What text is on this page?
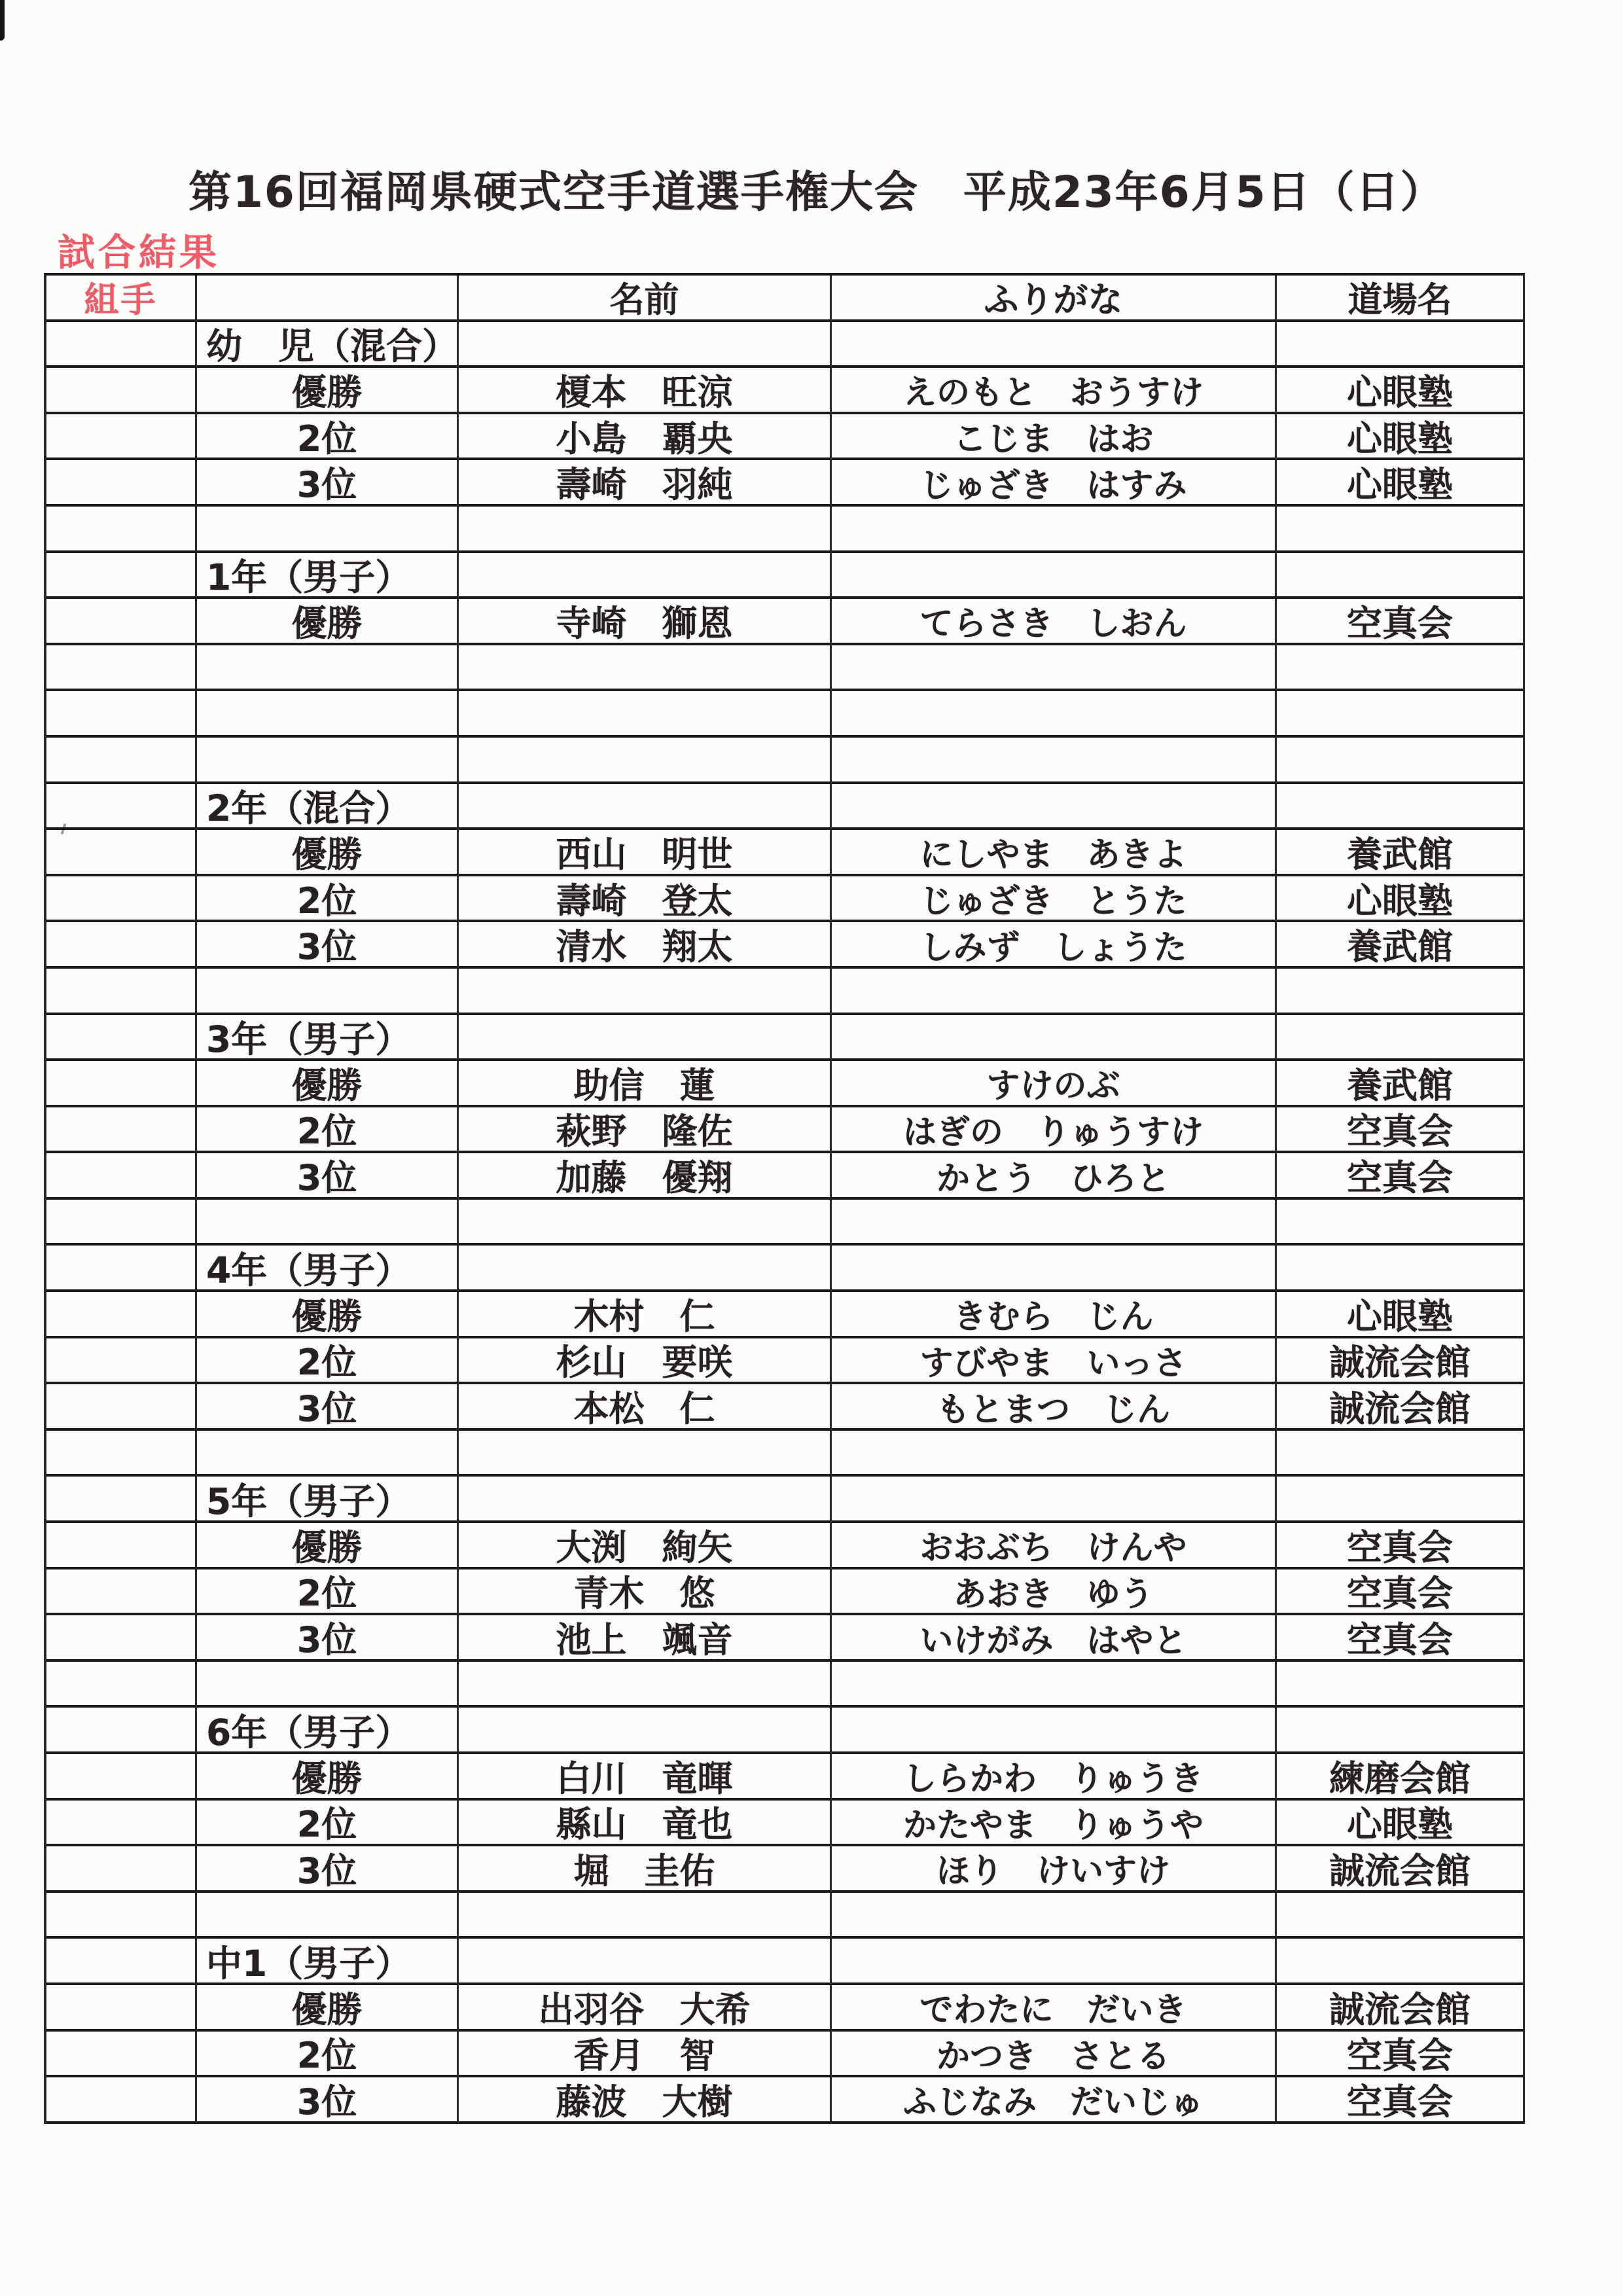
第16回福岡県硬式空手道選手権大会　平成23年6月5日（日）
試合結果
組手	名前	ふりがな	道場名
幼　児（混合）
優勝	榎本　旺涼	えのもと　おうすけ	心眼塾
2位	小島　覇央	こじま　はお	心眼塾
3位	壽崎　羽純	じゅざき　はすみ	心眼塾
1年（男子）
優勝	寺崎　獅恩	てらさき　しおん	空真会
2年（混合）
優勝	西山　明世	にしやま　あきよ	養武館
2位	壽崎　登太	じゅざき　とうた	心眼塾
3位	清水　翔太	しみず　しょうた	養武館
3年（男子）
優勝	助信　蓮	すけのぶ	養武館
2位	萩野　隆佐	はぎの　りゅうすけ	空真会
3位	加藤　優翔	かとう　ひろと	空真会
4年（男子）
優勝	木村　仁	きむら　じん	心眼塾
2位	杉山　要咲	すびやま　いっさ	誠流会館
3位	本松　仁	もとまつ　じん	誠流会館
5年（男子）
優勝	大渕　絢矢	おおぶち　けんや	空真会
2位	青木　悠	あおき　ゆう	空真会
3位	池上　颯音	いけがみ　はやと	空真会
6年（男子）
優勝	白川　竜暉	しらかわ　りゅうき	練磨会館
2位	縣山　竜也	かたやま　りゅうや	心眼塾
3位	堀　圭佑	ほり　けいすけ	誠流会館
中1（男子）
優勝	出羽谷　大希	でわたに　だいき	誠流会館
2位	香月　智	かつき　さとる	空真会
3位	藤波　大樹	ふじなみ　だいじゅ	空真会
